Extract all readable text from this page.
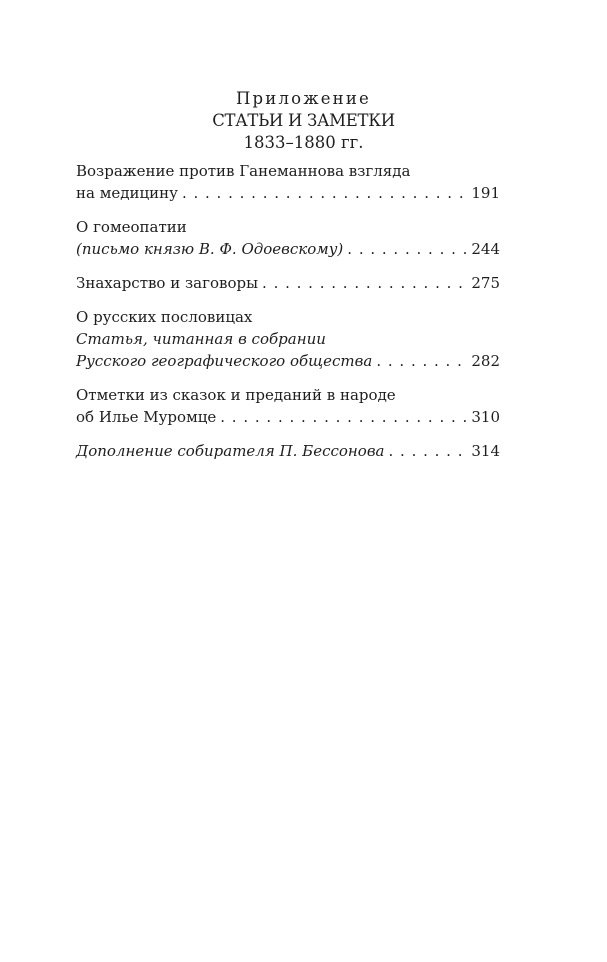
Приложение
СТАТЬИ И ЗАМЕТКИ
1833–1880 гг.
Возражение против Ганеманнова взгляда
на медицину . . .	191
О гомеопатии
(письмо князю В. Ф. Одоевскому) . . .	244
Знахарство и заговоры . . .	275
О русских пословицах
Статья, читанная в собрании
Русского географического общества . . .	282
Отметки из сказок и преданий в народе
об Илье Муромце . . .	310
Дополнение собирателя П. Бессонова . . .	314
